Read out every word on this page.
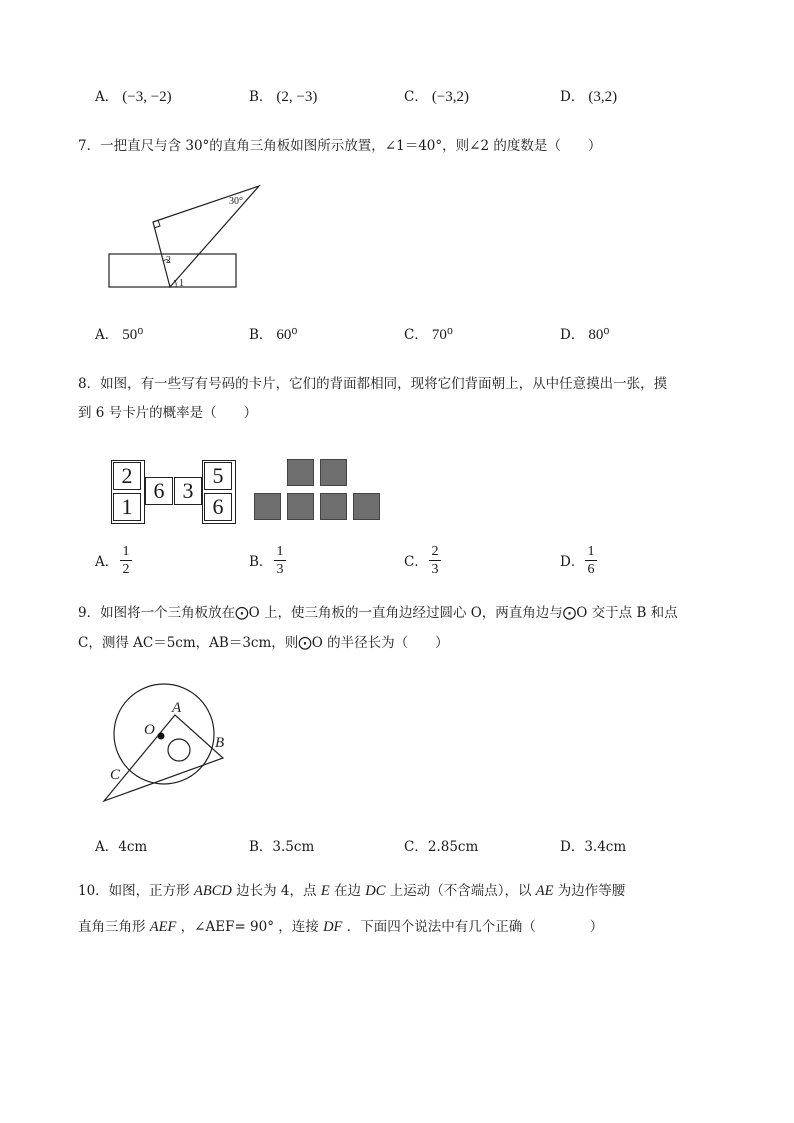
A． (−3, −2)	B． (2, −3)	C． (−3,2)	D． (3,2)
7．一把直尺与含 30°的直角三角板如图所示放置，∠1＝40°，则∠2 的度数是（　　）
30°
2
1
A． 50⁰	B． 60⁰	C． 70⁰	D． 80⁰
8．如图，有一些写有号码的卡片，它们的背面都相同，现将它们背面朝上，从中任意摸出一张，摸
到 6 号卡片的概率是（　　）
2
1
6 3
5
6
A．
1
2	B．
1
3	C．
2
3	D．
1
6
9．如图将一个三角板放在⨀O 上，使三角板的一直角边经过圆心 O，两直角边与⨀O 交于点 B 和点
C，测得 AC＝5cm，AB＝3cm，则⨀O 的半径长为（　　）
O
A
B
C
A．4cm	B．3.5cm	C．2.85cm	D．3.4cm
10．如图，正方形 ABCD 边长为 4，点 E 在边 DC 上运动（不含端点），以 AE 为边作等腰
直角三角形 AEF ，∠AEF= 90° ，连接 DF ．下面四个说法中有几个正确（　　　　）
